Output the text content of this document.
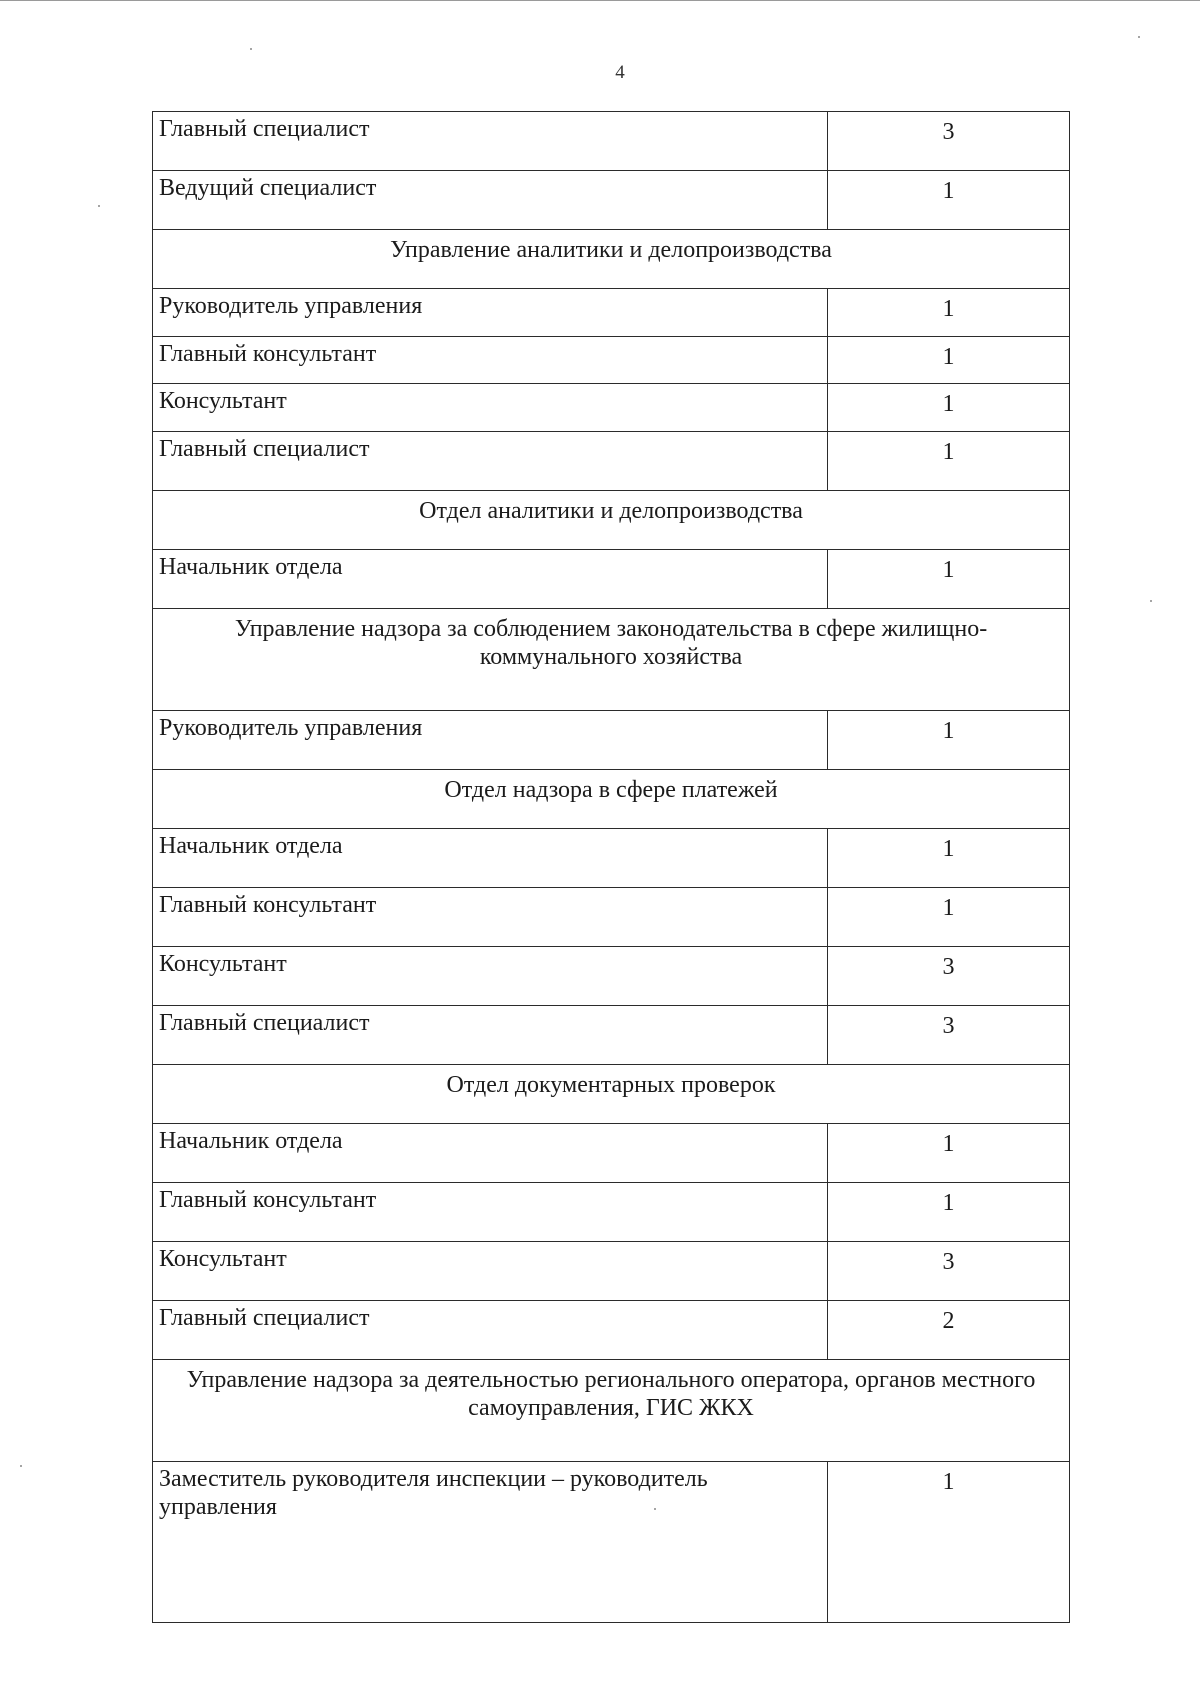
4
Главный специалист	3
Ведущий специалист	1
Управление аналитики и делопроизводства	
Руководитель управления	1
Главный консультант	1
Консультант	1
Главный специалист	1
Отдел аналитики и делопроизводства	
Начальник отдела	1
Управление надзора за соблюдением законодательства в сфере жилищно-коммунального хозяйства	
Руководитель управления	1
Отдел надзора в сфере платежей	
Начальник отдела	1
Главный консультант	1
Консультант	3
Главный специалист	3
Отдел документарных проверок	
Начальник отдела	1
Главный консультант	1
Консультант	3
Главный специалист	2
Управление надзора за деятельностью регионального оператора, органов местного самоуправления, ГИС ЖКХ	
Заместитель руководителя инспекции – руководитель управления	1
